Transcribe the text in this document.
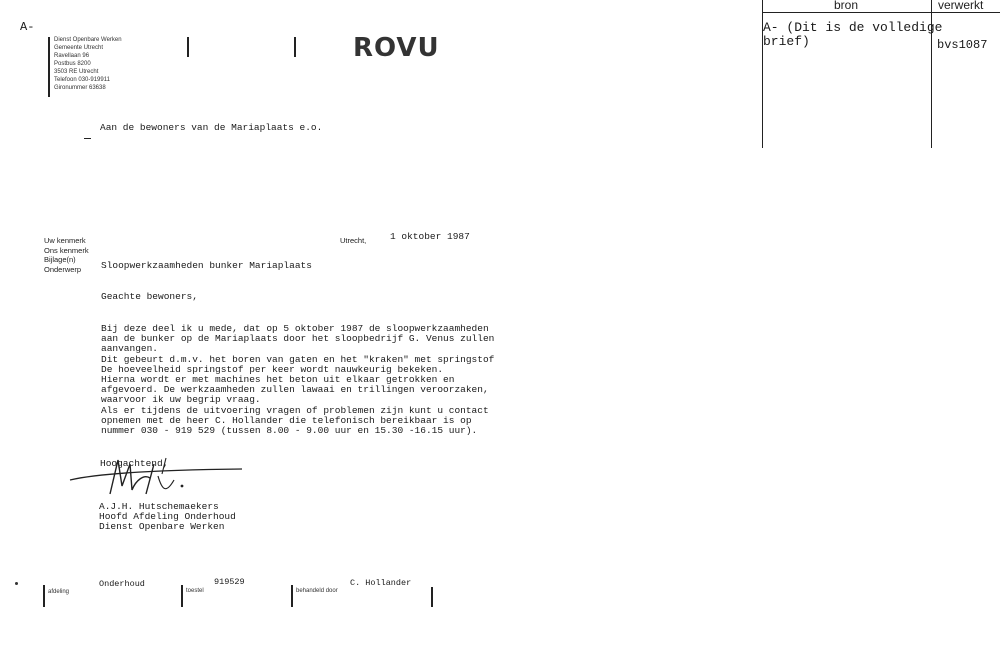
A-
Dienst Openbare Werken
Gemeente Utrecht
Ravellaan 96
Postbus 8200
3503 RE Utrecht
Telefoon 030-919911
Gironummer 63638
ROVU
bron	verwerkt
A- (Dit is de volledige
brief)	bvs1087
Aan de bewoners van de Mariaplaats e.o.
Uw kenmerk
Ons kenmerk
Bijlage(n)
Onderwerp
Utrecht, 1 oktober 1987
Sloopwerkzaamheden bunker Mariaplaats
Geachte bewoners,
Bij deze deel ik u mede, dat op 5 oktober 1987 de sloopwerkzaamheden
aan de bunker op de Mariaplaats door het sloopbedrijf G. Venus zullen
aanvangen.
Dit gebeurt d.m.v. het boren van gaten en het "kraken" met springstof
De hoeveelheid springstof per keer wordt nauwkeurig bekeken.
Hierna wordt er met machines het beton uit elkaar getrokken en
afgevoerd. De werkzaamheden zullen lawaai en trillingen veroorzaken,
waarvoor ik uw begrip vraag.
Als er tijdens de uitvoering vragen of problemen zijn kunt u contact
opnemen met de heer C. Hollander die telefonisch bereikbaar is op
nummer 030 - 919 529 (tussen 8.00 - 9.00 uur en 15.30 -16.15 uur).
Hoogachtend,
A.J.H. Hutschemaekers
Hoofd Afdeling Onderhoud
Dienst Openbare Werken
afdeling
Onderhoud
toestel
919529
behandeld door
C. Hollander
